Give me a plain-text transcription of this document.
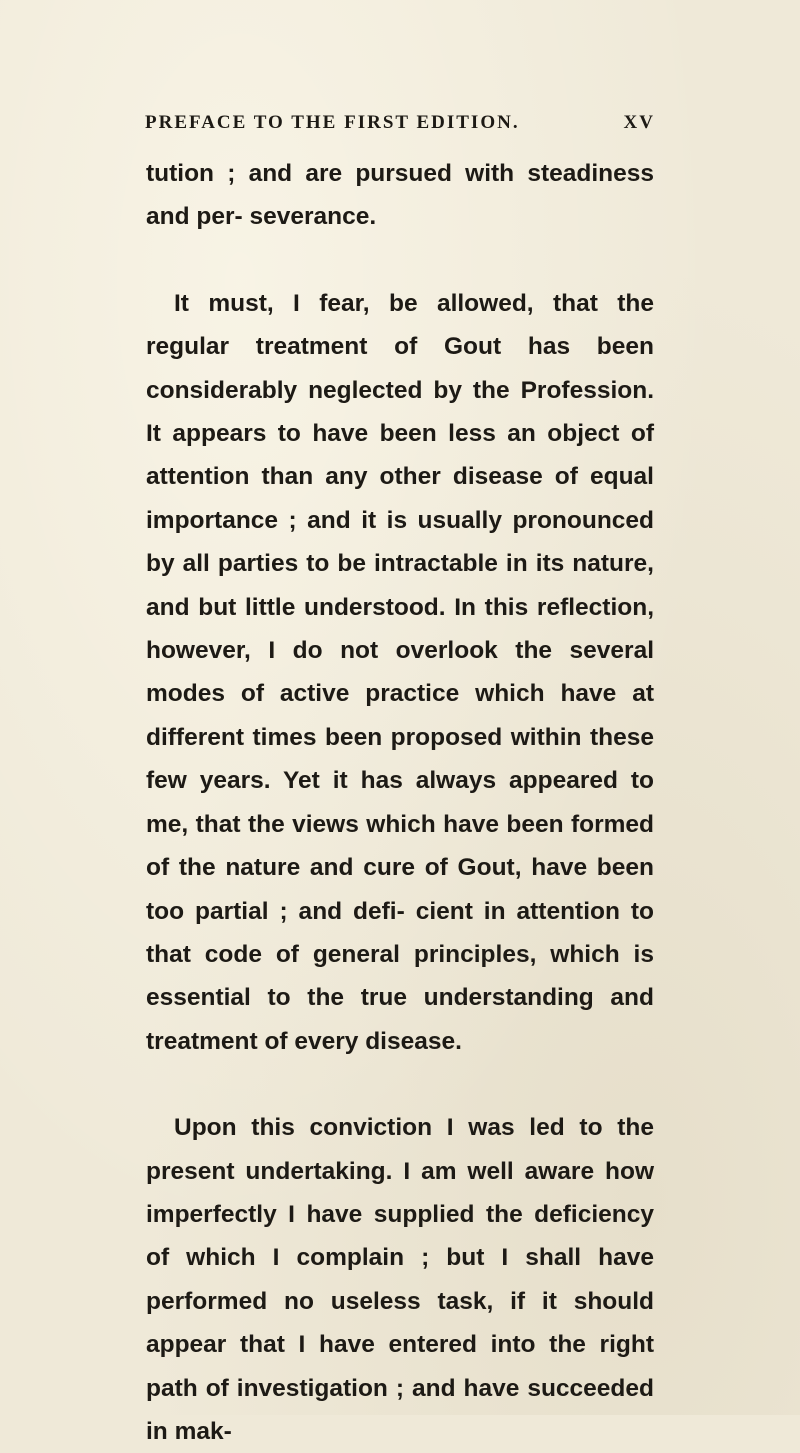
PREFACE TO THE FIRST EDITION.	XV

tution ; and are pursued with steadiness and per- severance.

It must, I fear, be allowed, that the regular treatment of Gout has been considerably neglected by the Profession. It appears to have been less an object of attention than any other disease of equal importance ; and it is usually pronounced by all parties to be intractable in its nature, and but little understood. In this reflection, however, I do not overlook the several modes of active practice which have at different times been proposed within these few years. Yet it has always appeared to me, that the views which have been formed of the nature and cure of Gout, have been too partial ; and defi- cient in attention to that code of general principles, which is essential to the true understanding and treatment of every disease.

Upon this conviction I was led to the present undertaking. I am well aware how imperfectly I have supplied the deficiency of which I complain ; but I shall have performed no useless task, if it should appear that I have entered into the right path of investigation ; and have succeeded in mak-
